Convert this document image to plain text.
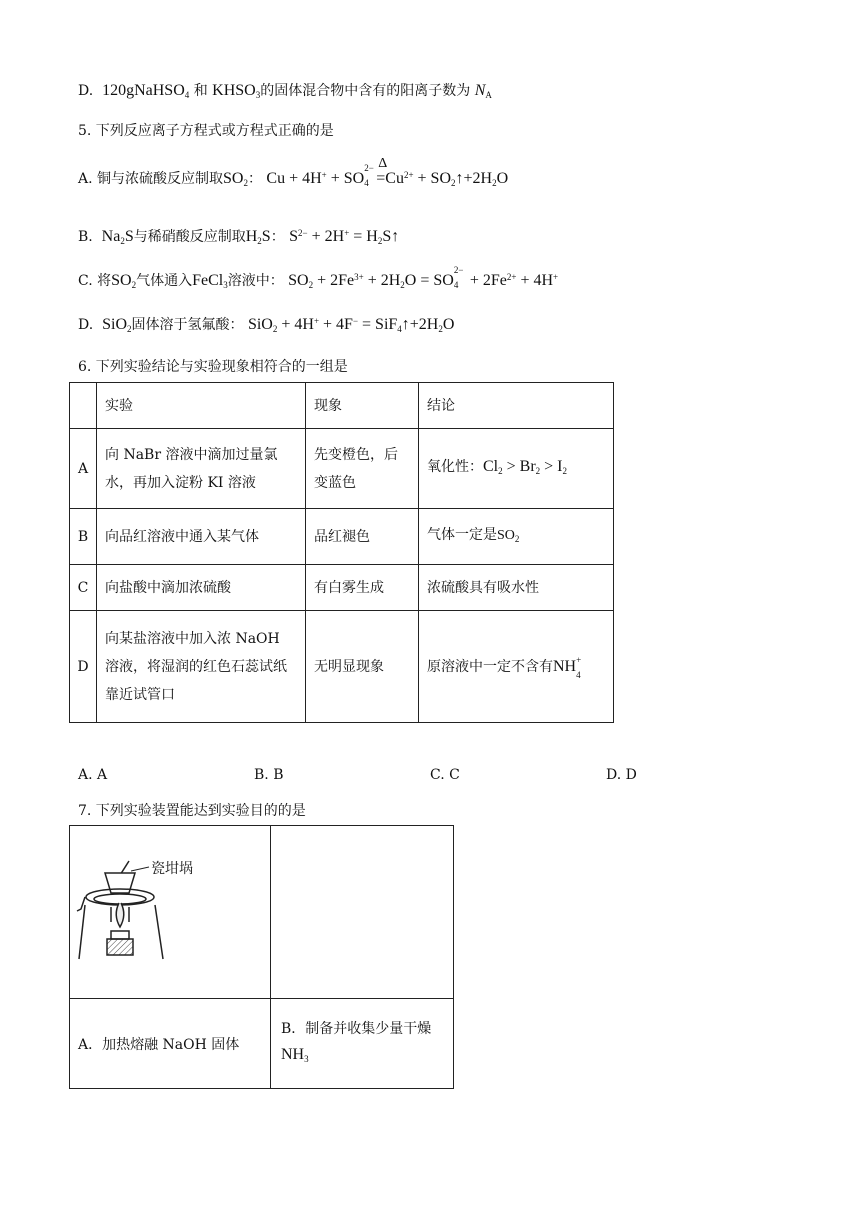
D. 120gNaHSO$_4$ 和 $KHSO_3$的固体混合物中含有的阳离子数为 $N_A$
5. 下列反应离子方程式或方程式正确的是
A. 铜与浓硫酸反应制取$SO_2$： Cu + 4H+ + SO
2−
4

Δ
$=Cu^{2+}$ + $SO_2↑+2H_2O$
B. $Na_2S$与稀硝酸反应制取$H_2S$： $S^{2-} + 2H^+$ = $H_2S↑$
C. 将$SO_2$气体通入FeCl$_3$溶液中： $SO_2 + 2Fe^{3+} + 2H_2O$ = SO
2−
$4 + 2Fe^{2+} + 4H^+$
D. SiO$_2$固体溶于氢氟酸： $SiO_2 + 4H^+ + 4F^- = SiF_4↑+2H_2O$
6. 下列实验结论与实验现象相符合的一组是
	实验	现象	结论
A	向 NaBr 溶液中滴加过量氯水，再加入淀粉 KI 溶液	先变橙色，后变蓝色	氧化性：$Cl_2 > Br_2 > I_2$
B	向品红溶液中通入某气体	品红褪色	气体一定是$SO_2$
C	向盐酸中滴加浓硫酸	有白雾生成	浓硫酸具有吸水性
D	向某盐溶液中加入浓 NaOH 溶液，将湿润的红色石蕊试纸靠近试管口	无明显现象	原溶液中一定不含有NH +
4

A. A	B. B	C. C	D. D
7. 下列实验装置能达到实验目的的是
瓷坩埚	

A．加热熔融 NaOH 固体	B．制备并收集少量干燥
$NH_3$
